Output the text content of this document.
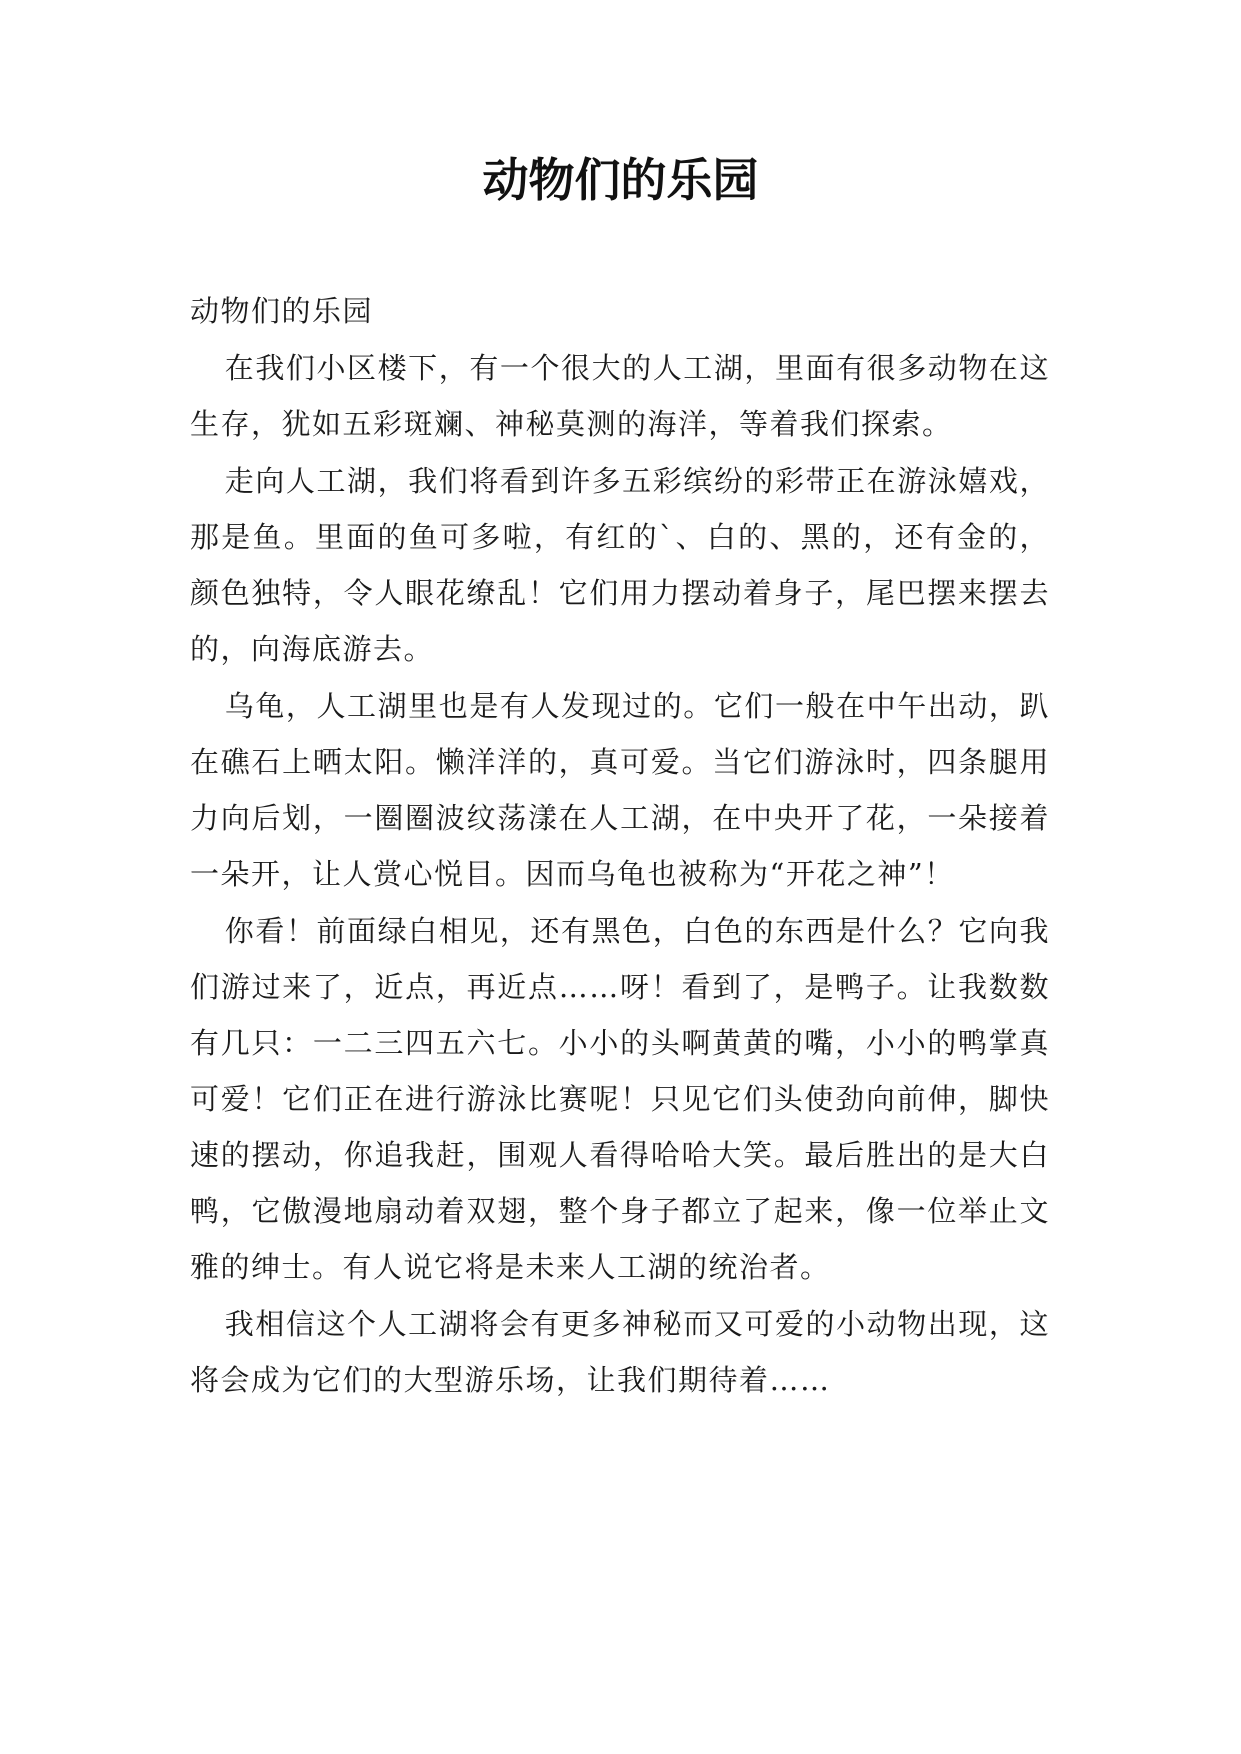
动物们的乐园

动物们的乐园

在我们小区楼下，有一个很大的人工湖，里面有很多动物在这生存，犹如五彩斑斓、神秘莫测的海洋，等着我们探索。

走向人工湖，我们将看到许多五彩缤纷的彩带正在游泳嬉戏，那是鱼。里面的鱼可多啦，有红的`、白的、黑的，还有金的，颜色独特，令人眼花缭乱！它们用力摆动着身子，尾巴摆来摆去的，向海底游去。

乌龟，人工湖里也是有人发现过的。它们一般在中午出动，趴在礁石上晒太阳。懒洋洋的，真可爱。当它们游泳时，四条腿用力向后划，一圈圈波纹荡漾在人工湖，在中央开了花，一朵接着一朵开，让人赏心悦目。因而乌龟也被称为“开花之神”！

你看！前面绿白相见，还有黑色，白色的东西是什么？它向我们游过来了，近点，再近点……呀！看到了，是鸭子。让我数数有几只：一二三四五六七。小小的头啊黄黄的嘴，小小的鸭掌真可爱！它们正在进行游泳比赛呢！只见它们头使劲向前伸，脚快速的摆动，你追我赶，围观人看得哈哈大笑。最后胜出的是大白鸭，它傲漫地扇动着双翅，整个身子都立了起来，像一位举止文雅的绅士。有人说它将是未来人工湖的统治者。

我相信这个人工湖将会有更多神秘而又可爱的小动物出现，这将会成为它们的大型游乐场，让我们期待着……
